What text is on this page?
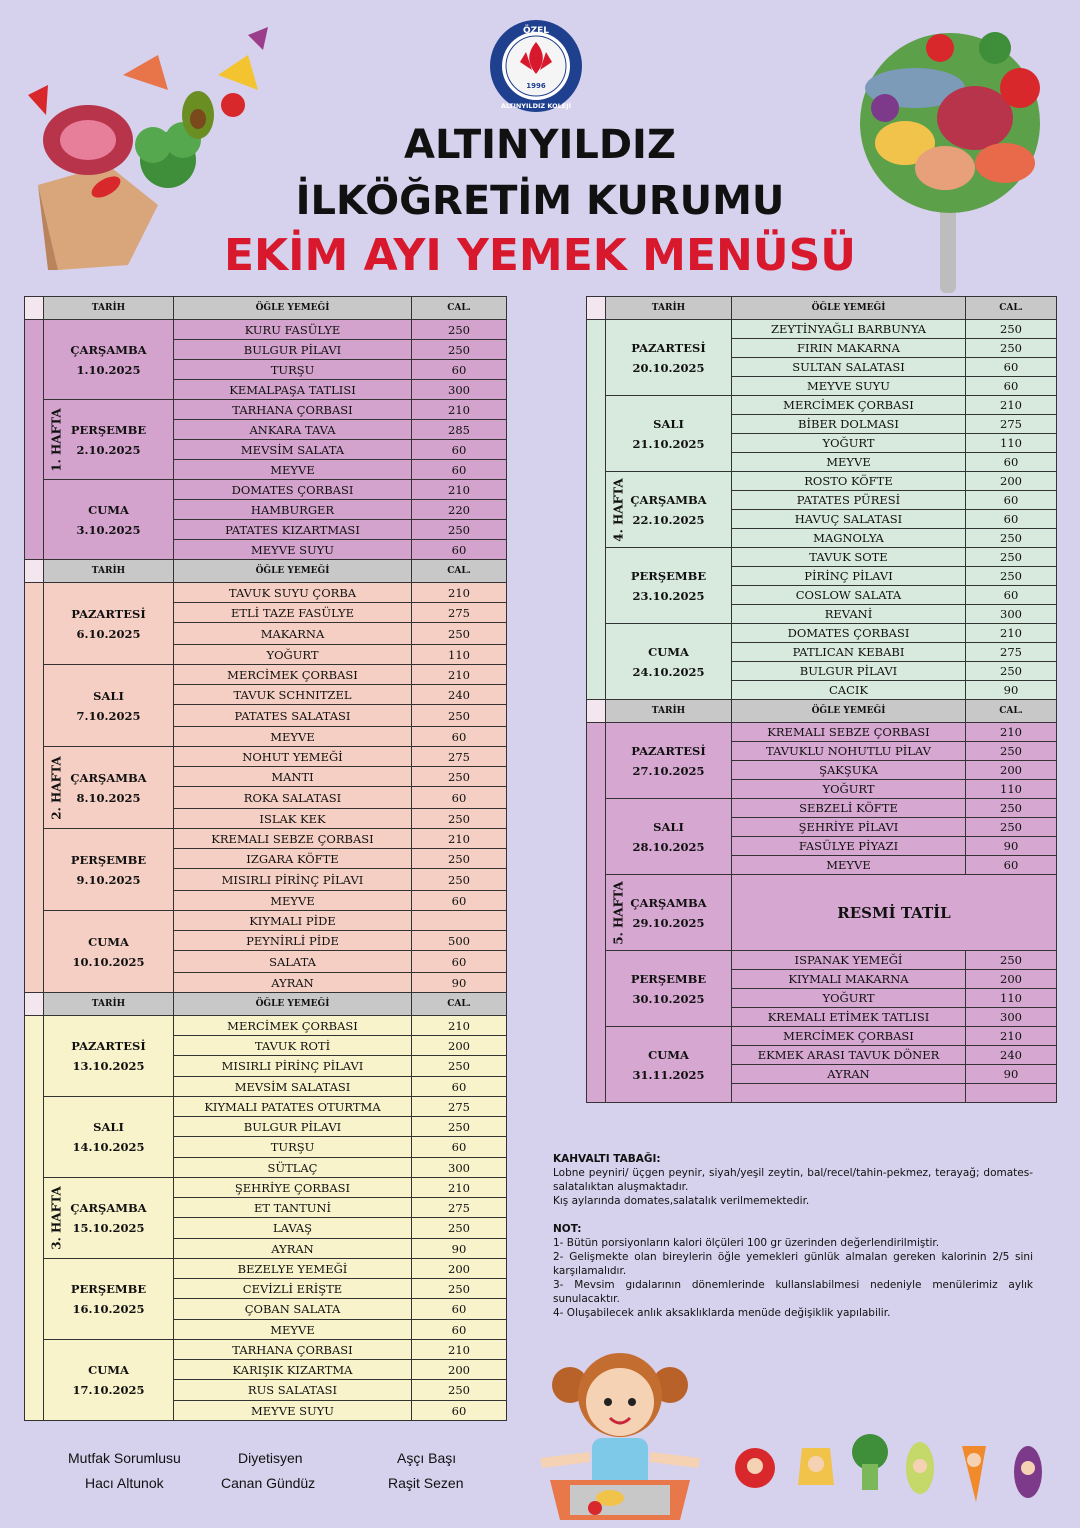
ÖZEL
1996
ALTINYILDIZ KOLEJİ
ALTINYILDIZ
İLKÖĞRETİM KURUMU
EKİM AYI YEMEK MENÜSÜ
	TARİH	ÖĞLE YEMEĞİ	CAL.
1. HAFTA	ÇARŞAMBA
1.10.2025	KURU FASÜLYE	250
		BULGUR PİLAVI	250
		TURŞU	60
		KEMALPAŞA TATLISI	300

	PERŞEMBE
2.10.2025	TARHANA ÇORBASI	210
		ANKARA TAVA	285
		MEVSİM SALATA	60
		MEYVE	60

	CUMA
3.10.2025	DOMATES ÇORBASI	210
		HAMBURGER	220
		PATATES KIZARTMASI	250
		MEYVE SUYU	60
	TARİH	ÖĞLE YEMEĞİ	CAL.
2. HAFTA	PAZARTESİ
6.10.2025	TAVUK SUYU ÇORBA	210
		ETLİ TAZE FASÜLYE	275
		MAKARNA	250
		YOĞURT	110

	SALI
7.10.2025	MERCİMEK ÇORBASI	210
		TAVUK SCHNITZEL	240
		PATATES SALATASI	250
		MEYVE	60

	ÇARŞAMBA
8.10.2025	NOHUT YEMEĞİ	275
		MANTI	250
		ROKA SALATASI	60
		ISLAK KEK	250

	PERŞEMBE
9.10.2025	KREMALI SEBZE ÇORBASI	210
		IZGARA KÖFTE	250
		MISIRLI PİRİNÇ PİLAVI	250
		MEYVE	60

	CUMA
10.10.2025	KIYMALI PİDE	
		PEYNİRLİ PİDE	500
		SALATA	60
		AYRAN	90
	TARİH	ÖĞLE YEMEĞİ	CAL.
3. HAFTA	PAZARTESİ
13.10.2025	MERCİMEK ÇORBASI	210
		TAVUK ROTİ	200
		MISIRLI PİRİNÇ PİLAVI	250
		MEVSİM SALATASI	60

	SALI
14.10.2025	KIYMALI PATATES OTURTMA	275
		BULGUR PİLAVI	250
		TURŞU	60
		SÜTLAÇ	300

	ÇARŞAMBA
15.10.2025	ŞEHRİYE ÇORBASI	210
		ET TANTUNİ	275
		LAVAŞ	250
		AYRAN	90

	PERŞEMBE
16.10.2025	BEZELYE YEMEĞİ	200
		CEVİZLİ ERİŞTE	250
		ÇOBAN SALATA	60
		MEYVE	60

	CUMA
17.10.2025	TARHANA ÇORBASI	210
		KARIŞIK KIZARTMA	200
		RUS SALATASI	250
		MEYVE SUYU	60
	TARİH	ÖĞLE YEMEĞİ	CAL.
4. HAFTA	PAZARTESİ
20.10.2025	ZEYTİNYAĞLI BARBUNYA	250
		FIRIN MAKARNA	250
		SULTAN SALATASI	60
		MEYVE SUYU	60

	SALI
21.10.2025	MERCİMEK ÇORBASI	210
		BİBER DOLMASI	275
		YOĞURT	110
		MEYVE	60

	ÇARŞAMBA
22.10.2025	ROSTO KÖFTE	200
		PATATES PÜRESİ	60
		HAVUÇ SALATASI	60
		MAGNOLYA	250

	PERŞEMBE
23.10.2025	TAVUK SOTE	250
		PİRİNÇ PİLAVI	250
		COSLOW SALATA	60
		REVANİ	300

	CUMA
24.10.2025	DOMATES ÇORBASI	210
		PATLICAN KEBABI	275
		BULGUR PİLAVI	250
		CACIK	90
	TARİH	ÖĞLE YEMEĞİ	CAL.
5. HAFTA	PAZARTESİ
27.10.2025	KREMALI SEBZE ÇORBASI	210
		TAVUKLU NOHUTLU PİLAV	250
		ŞAKŞUKA	200
		YOĞURT	110

	SALI
28.10.2025	SEBZELİ KÖFTE	250
		ŞEHRİYE PİLAVI	250
		FASÜLYE PİYAZI	90
		MEYVE	60

	ÇARŞAMBA
29.10.2025	RESMİ TATİL	

	PERŞEMBE
30.10.2025	ISPANAK YEMEĞİ	250
		KIYMALI MAKARNA	200
		YOĞURT	110
		KREMALI ETİMEK TATLISI	300

	CUMA
31.11.2025	MERCİMEK ÇORBASI	210
		EKMEK ARASI TAVUK DÖNER	240
		AYRAN	90

KAHVALTI TABAĞI:

Lobne peyniri/ üçgen peynir, siyah/yeşil zeytin, bal/recel/tahin-pekmez, terayağ; domates-salatalıktan aluşmaktadır.

Kış aylarında domates,salatalık verilmemektedir.

NOT:

1- Bütün porsiyonların kalori ölçüleri 100 gr üzerinden değerlendirilmiştir.

2- Gelişmekte olan bireylerin öğle yemekleri günlük almalan gereken kalorinin 2/5 sini karşılamalıdır.

3- Mevsim gıdalarının dönemlerinde kullanslabilmesi nedeniyle menülerimiz aylık sunulacaktır.

4- Oluşabilecek anlık aksaklıklarda menüde değişiklik yapılabilir.

Mutfak Sorumlusu
Hacı Altunok
Diyetisyen
Canan Gündüz
Aşçı Başı
Raşit Sezen
